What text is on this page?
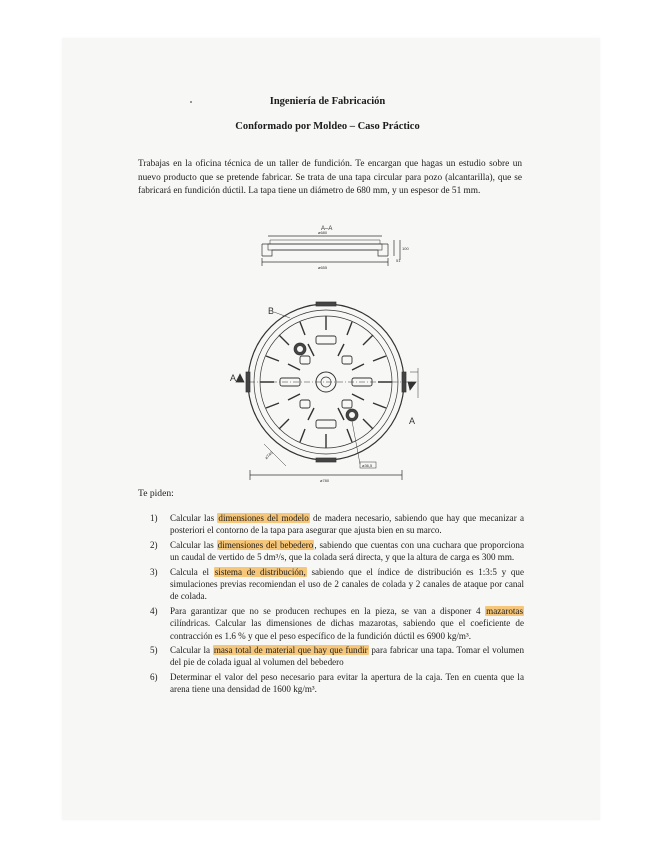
Ingeniería de Fabricación
Conformado por Moldeo – Caso Práctico

Trabajas en la oficina técnica de un taller de fundición. Te encargan que hagas un estudio sobre un nuevo producto que se pretende fabricar. Se trata de una tapa circular para pozo (alcantarilla), que se fabricará en fundición dúctil. La tapa tiene un diámetro de 680 mm, y un espesor de 51 mm.

A–A
ø680
ø655
100
51
A
A
B
ø780
ø740
ø36,5
Te piden:
1) Calcular las dimensiones del modelo de madera necesario, sabiendo que hay que mecanizar a posteriori el contorno de la tapa para asegurar que ajusta bien en su marco.
2) Calcular las dimensiones del bebedero, sabiendo que cuentas con una cuchara que proporciona un caudal de vertido de 5 dm³/s, que la colada será directa, y que la altura de carga es 300 mm.
3) Calcula el sistema de distribución, sabiendo que el índice de distribución es 1:3:5 y que simulaciones previas recomiendan el uso de 2 canales de colada y 2 canales de ataque por canal de colada.
4) Para garantizar que no se producen rechupes en la pieza, se van a disponer 4 mazarotas cilíndricas. Calcular las dimensiones de dichas mazarotas, sabiendo que el coeficiente de contracción es 1.6 % y que el peso específico de la fundición dúctil es 6900 kg/m³.
5) Calcular la masa total de material que hay que fundir para fabricar una tapa. Tomar el volumen del pie de colada igual al volumen del bebedero
6) Determinar el valor del peso necesario para evitar la apertura de la caja. Ten en cuenta que la arena tiene una densidad de 1600 kg/m³.
